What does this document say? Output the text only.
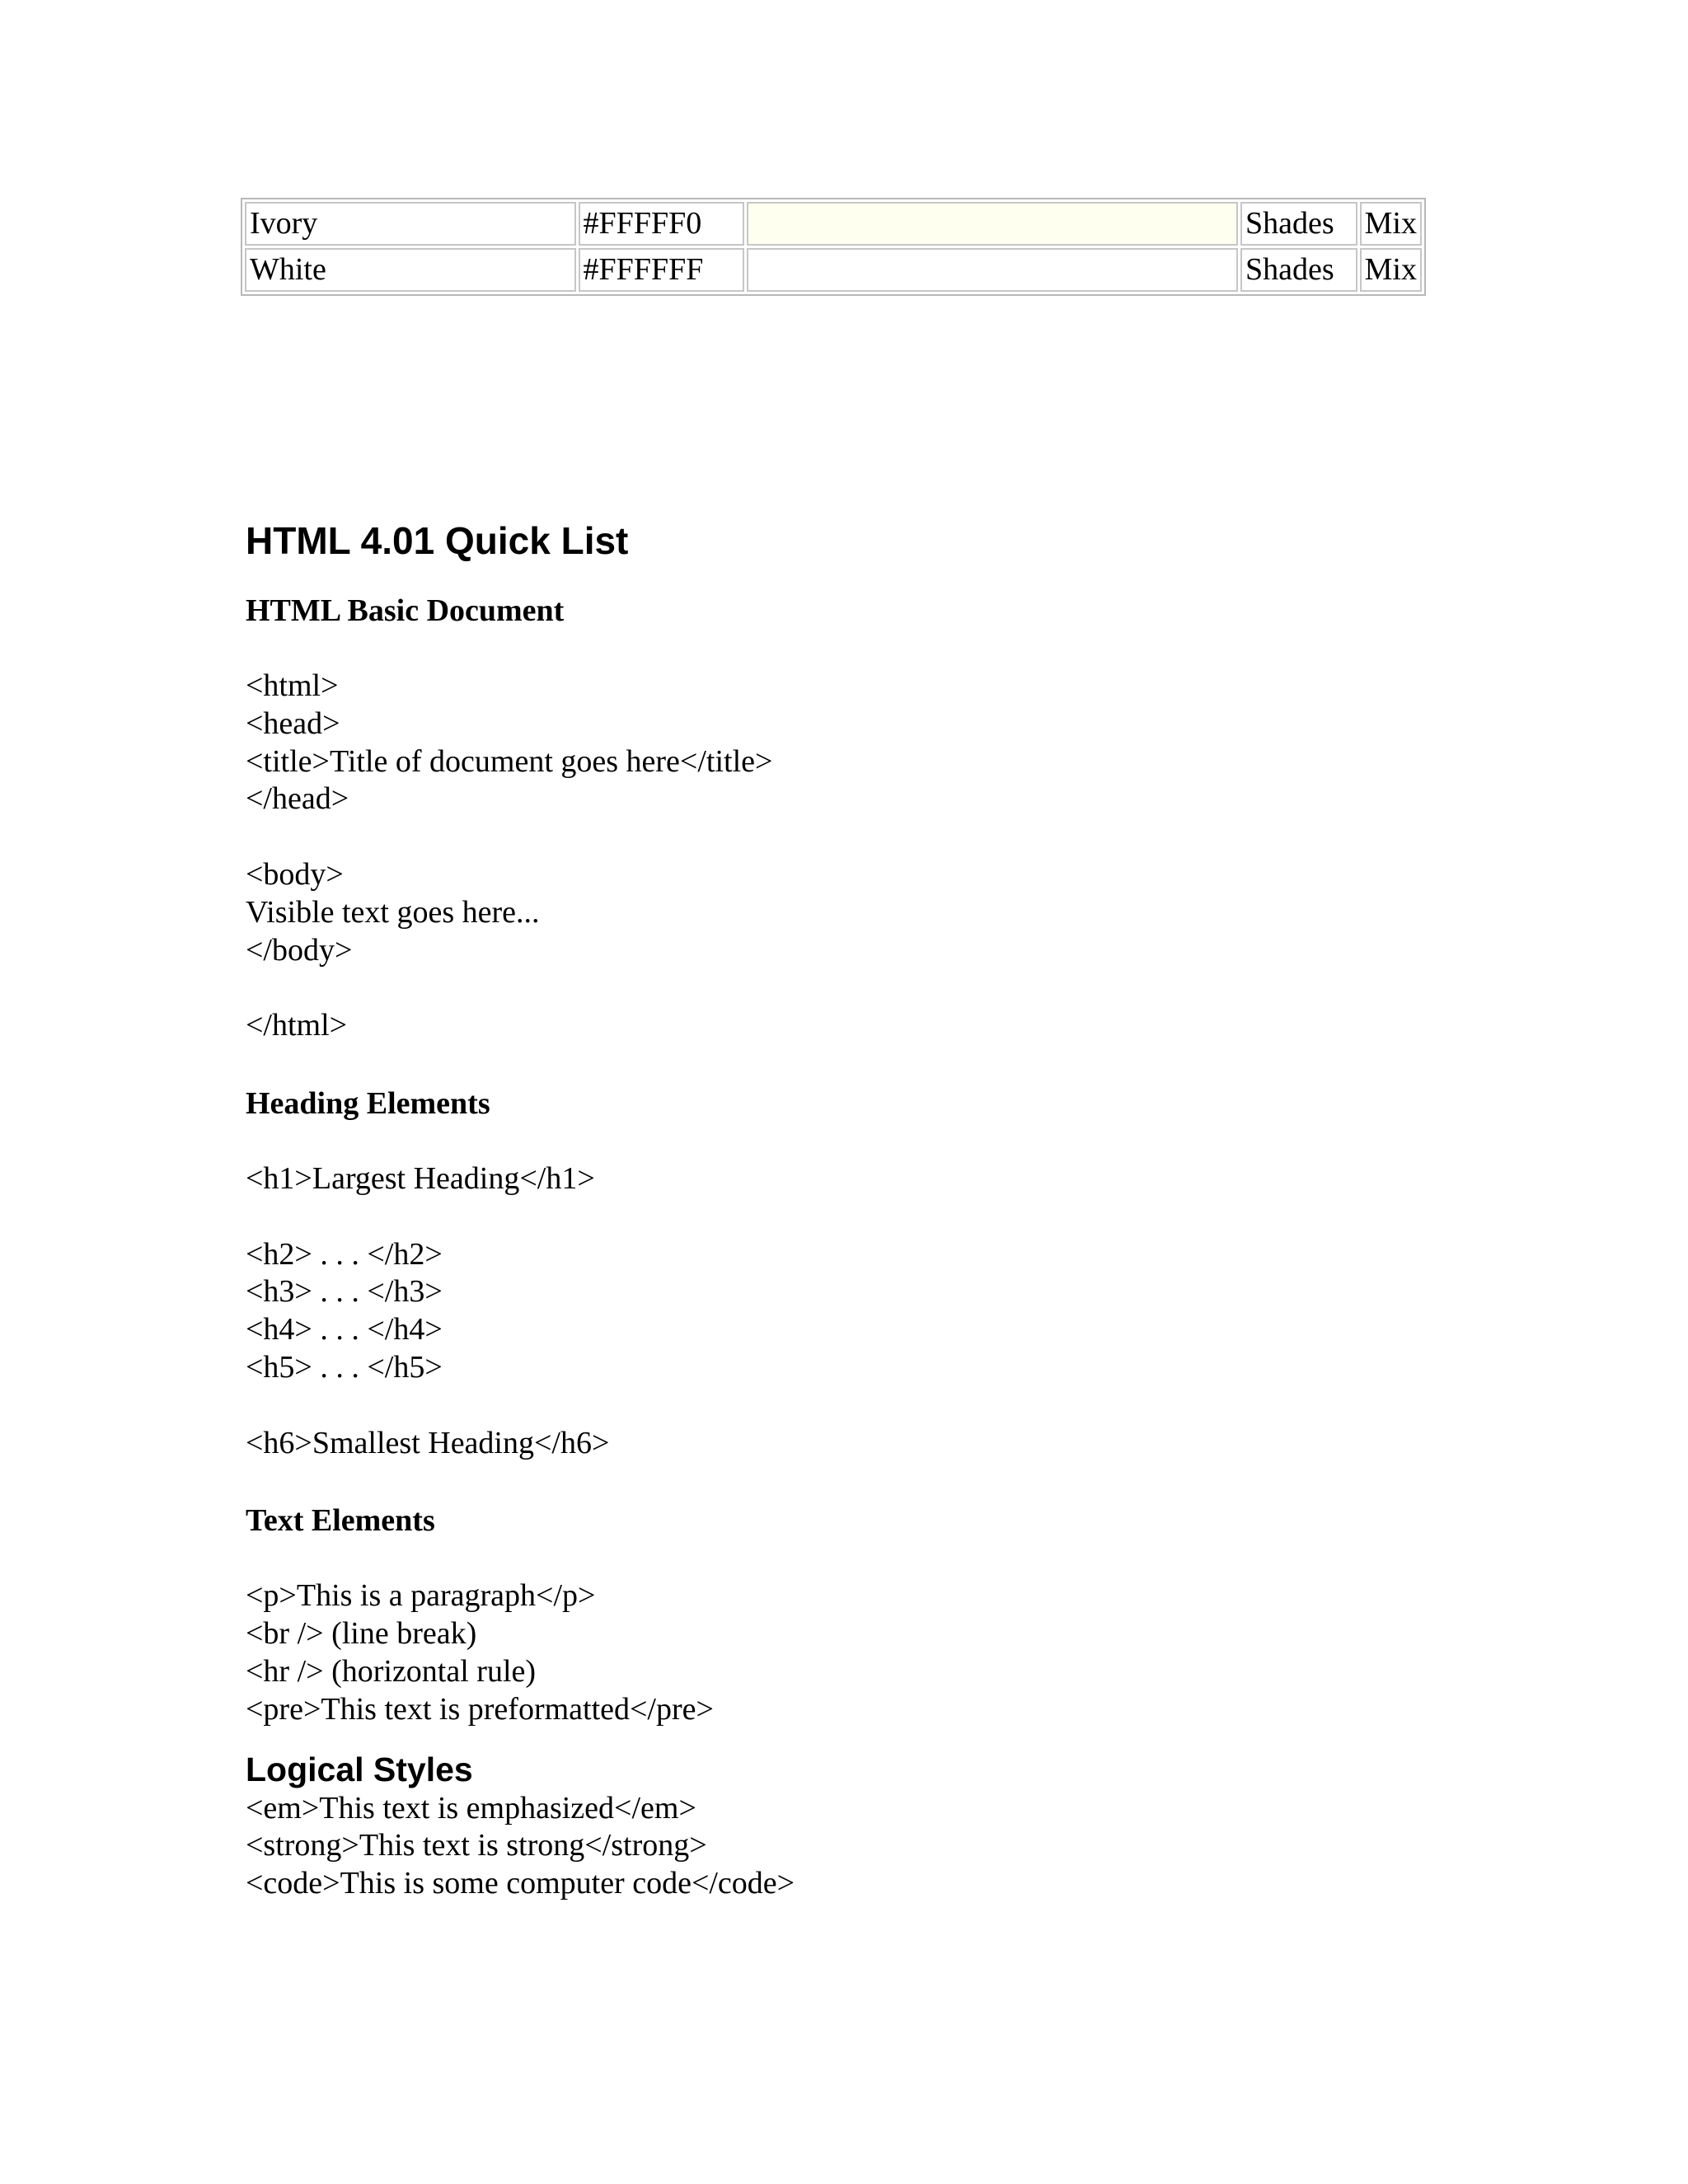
Ivory	#FFFFF0		Shades	Mix
White	#FFFFFF		Shades	Mix
HTML 4.01 Quick List
HTML Basic Document
<html>
<head>
<title>Title of document goes here</title>
</head>
<body>
Visible text goes here...
</body>
</html>
Heading Elements
<h1>Largest Heading</h1>
<h2> . . . </h2>
<h3> . . . </h3>
<h4> . . . </h4>
<h5> . . . </h5>
<h6>Smallest Heading</h6>
Text Elements
<p>This is a paragraph</p>
<br /> (line break)
<hr /> (horizontal rule)
<pre>This text is preformatted</pre>
Logical Styles
<em>This text is emphasized</em>
<strong>This text is strong</strong>
<code>This is some computer code</code>
